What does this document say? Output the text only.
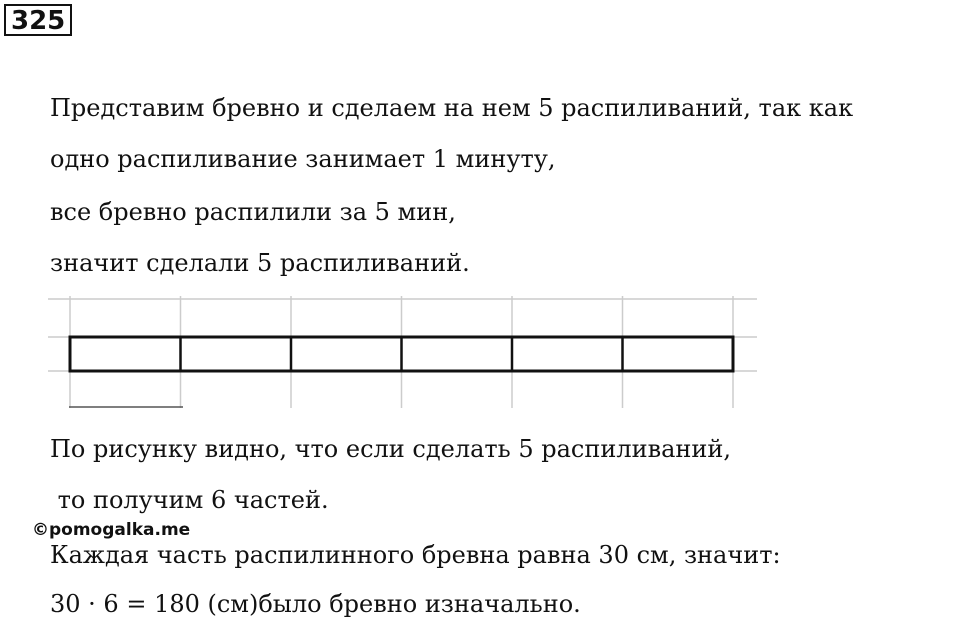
325
Представим бревно и сделаем на нем 5 распиливаний, так как
одно распиливание занимает 1 минуту,
все бревно распилили за 5 мин,
значит сделали 5 распиливаний.
По рисунку видно, что если сделать 5 распиливаний,
то получим 6 частей.
©pomogalka.me
Каждая часть распилинного бревна равна 30 см, значит:
30 · 6 = 180 (см)было бревно изначально.
